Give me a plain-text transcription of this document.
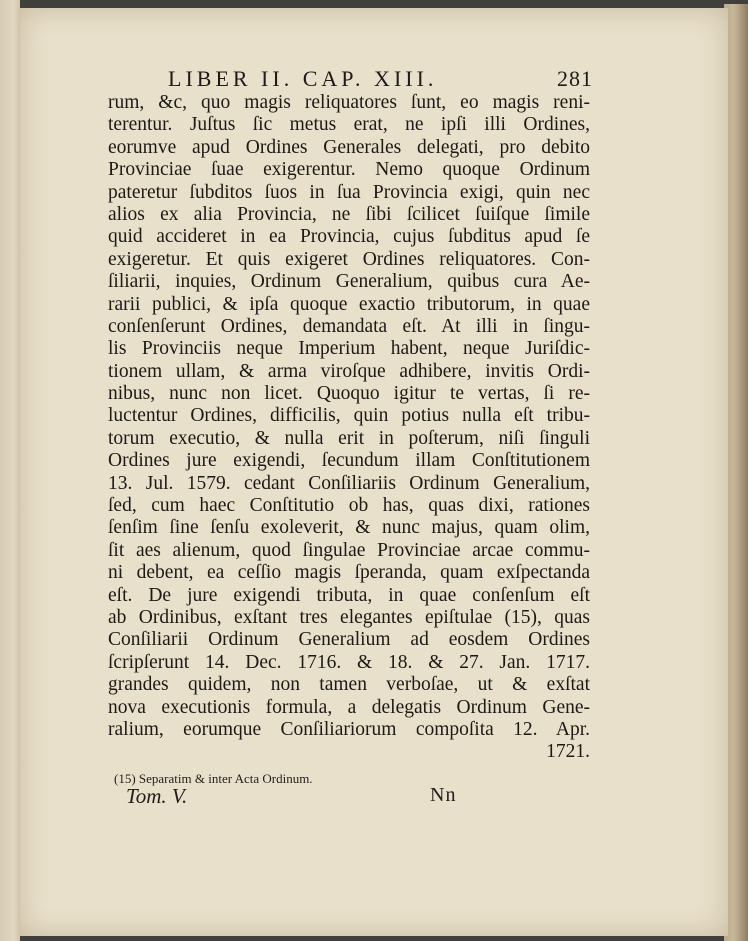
LIBER II. CAP. XIII.	281
rum, &c, quo magis reliquatores ſunt, eo magis reni-
terentur. Juſtus ſic metus erat, ne ipſi illi Ordines,
eorumve apud Ordines Generales delegati, pro debito
Provinciae ſuae exigerentur. Nemo quoque Ordinum
pateretur ſubditos ſuos in ſua Provincia exigi, quin nec
alios ex alia Provincia, ne ſibi ſcilicet ſuiſque ſimile
quid accideret in ea Provincia, cujus ſubditus apud ſe
exigeretur. Et quis exigeret Ordines reliquatores. Con-
ſiliarii, inquies, Ordinum Generalium, quibus cura Ae-
rarii publici, & ipſa quoque exactio tributorum, in quae
conſenſerunt Ordines, demandata eſt. At illi in ſingu-
lis Provinciis neque Imperium habent, neque Juriſdic-
tionem ullam, & arma viroſque adhibere, invitis Ordi-
nibus, nunc non licet. Quoquo igitur te vertas, ſi re-
luctentur Ordines, difficilis, quin potius nulla eſt tribu-
torum executio, & nulla erit in poſterum, niſi ſinguli
Ordines jure exigendi, ſecundum illam Conſtitutionem
13. Jul. 1579. cedant Conſiliariis Ordinum Generalium,
ſed, cum haec Conſtitutio ob has, quas dixi, rationes
ſenſim ſine ſenſu exoleverit, & nunc majus, quam olim,
ſit aes alienum, quod ſingulae Provinciae arcae commu-
ni debent, ea ceſſio magis ſperanda, quam exſpectanda
eſt. De jure exigendi tributa, in quae conſenſum eſt
ab Ordinibus, exſtant tres elegantes epiſtulae (15), quas
Conſiliarii Ordinum Generalium ad eosdem Ordines
ſcripſerunt 14. Dec. 1716. & 18. & 27. Jan. 1717.
grandes quidem, non tamen verboſae, ut & exſtat
nova executionis formula, a delegatis Ordinum Gene-
ralium, eorumque Conſiliariorum compoſita 12. Apr.
1721.
(15) Separatim & inter Acta Ordinum.
Tom. V.	Nn
